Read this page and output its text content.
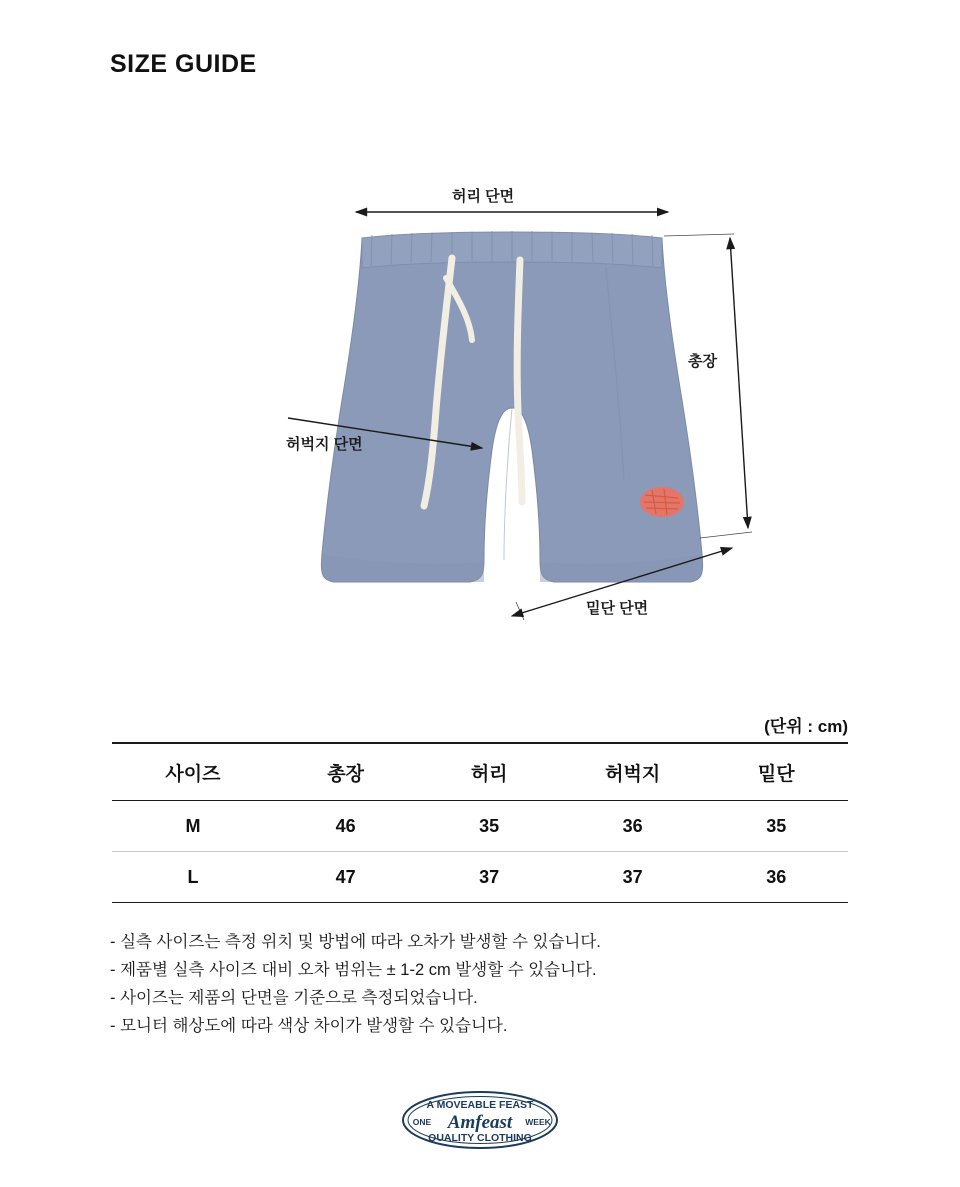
SIZE GUIDE
허리 단면
총장
허벅지 단면
밑단 단면
(단위 : cm)
사이즈	총장	허리	허벅지	밑단
M	46	35	36	35
L	47	37	37	36
- 실측 사이즈는 측정 위치 및 방법에 따라 오차가 발생할 수 있습니다.
- 제품별 실측 사이즈 대비 오차 범위는 ± 1-2 cm 발생할 수 있습니다.
- 사이즈는 제품의 단면을 기준으로 측정되었습니다.
- 모니터 해상도에 따라 색상 차이가 발생할 수 있습니다.
A MOVEABLE FEAST
ONE Amfeast WEEK
QUALITY CLOTHING
